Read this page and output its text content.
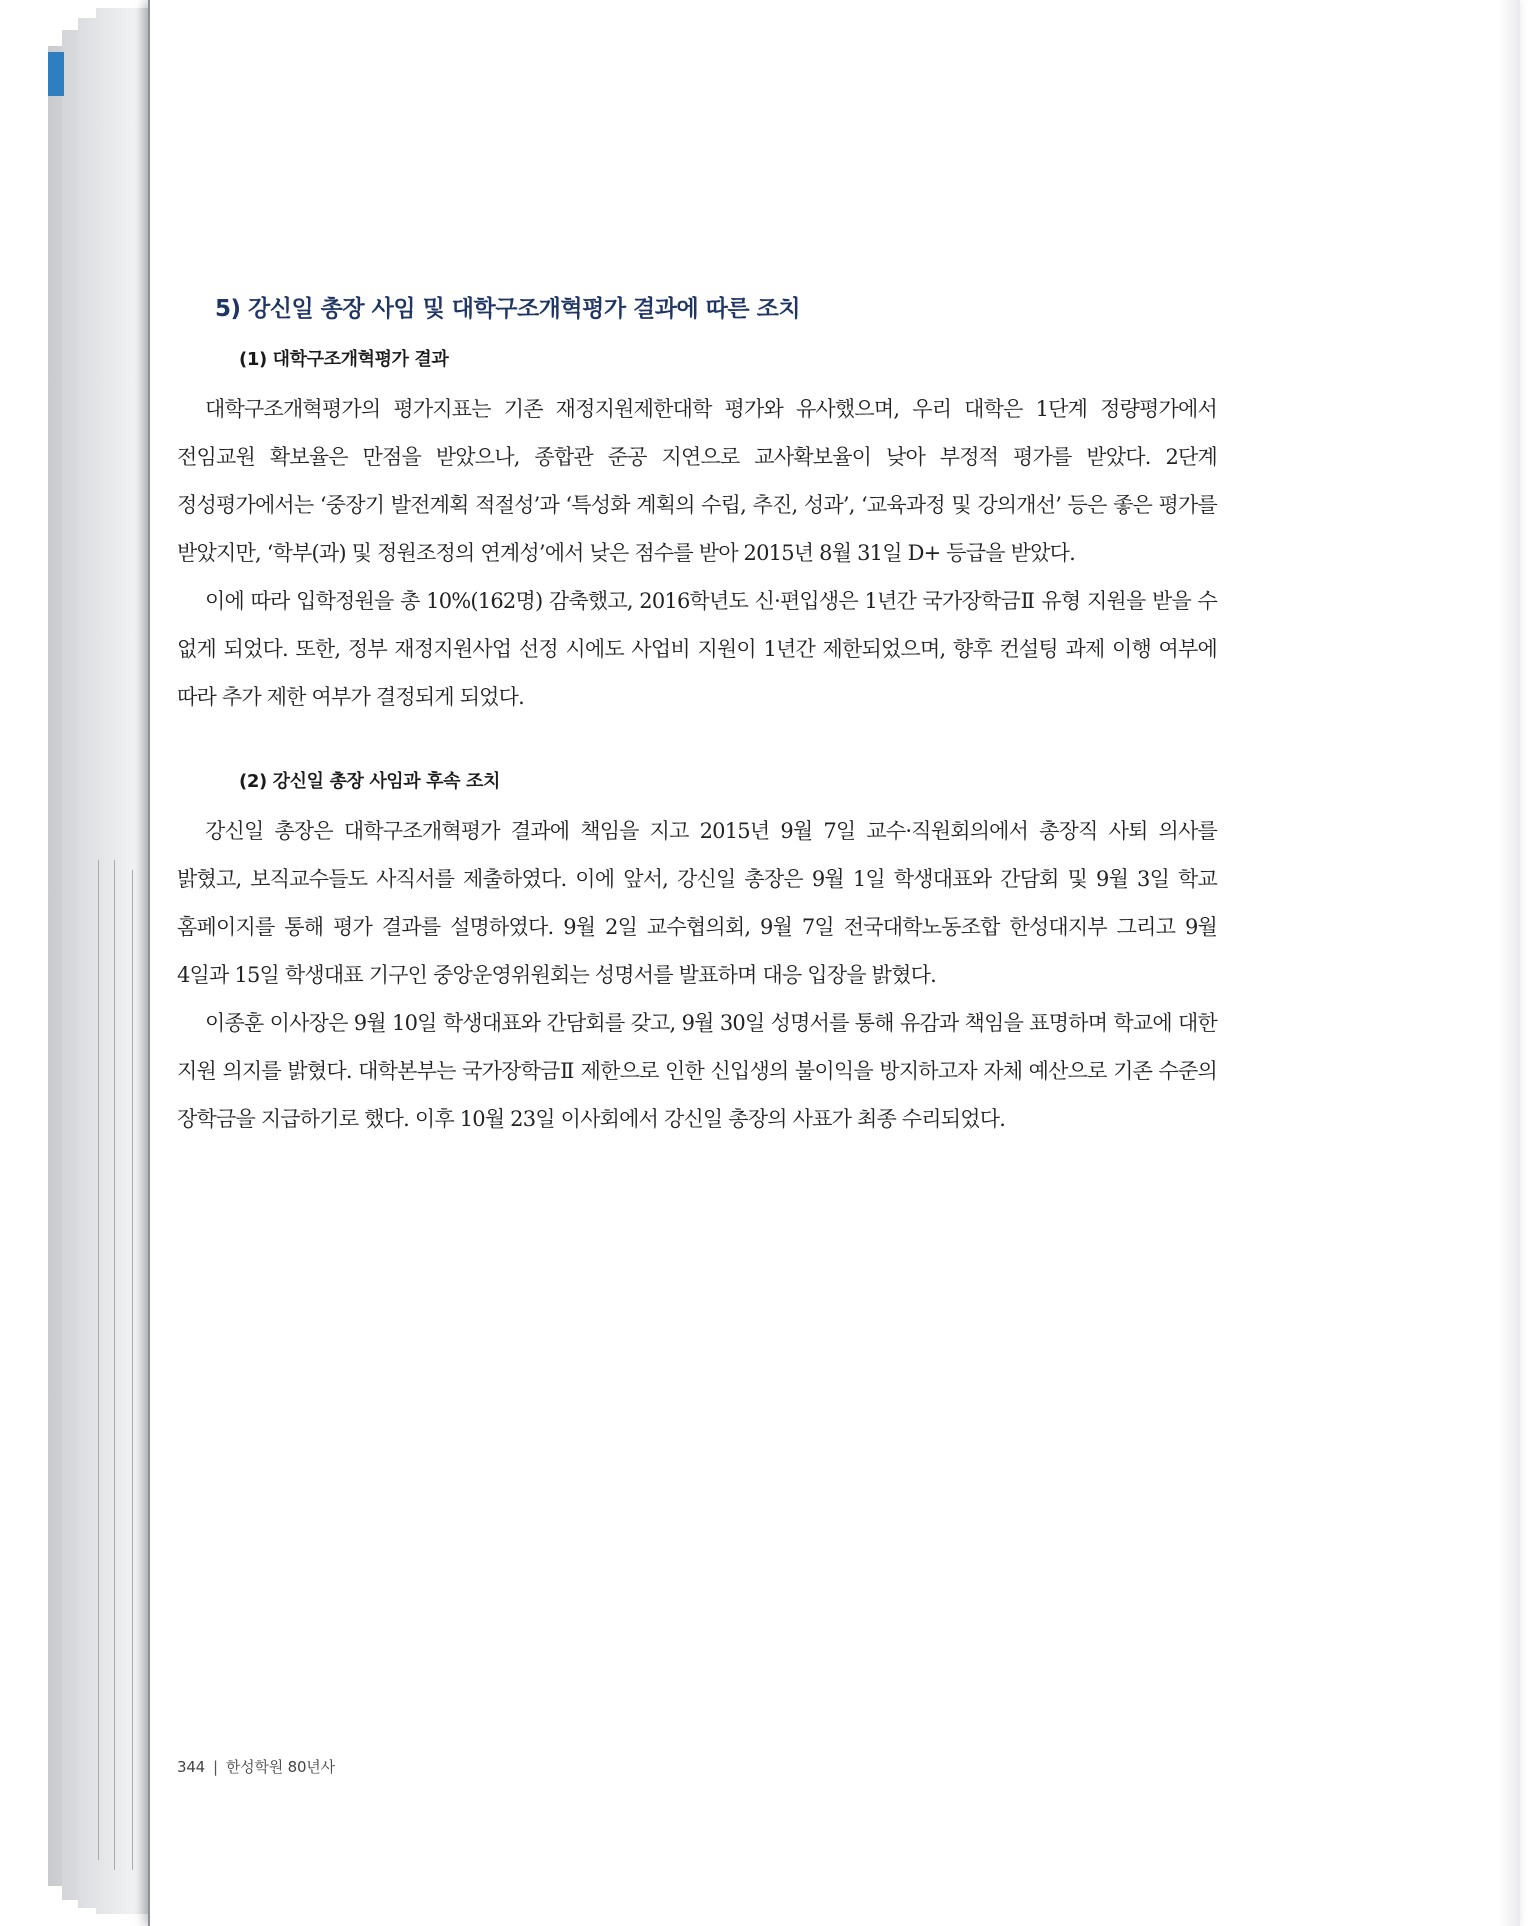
5) 강신일 총장 사임 및 대학구조개혁평가 결과에 따른 조치
(1) 대학구조개혁평가 결과

대학구조개혁평가의 평가지표는 기존 재정지원제한대학 평가와 유사했으며, 우리 대학은 1단계 정량평가에서 전임교원 확보율은 만점을 받았으나, 종합관 준공 지연으로 교사확보율이 낮아 부정적 평가를 받았다. 2단계 정성평가에서는 ‘중장기 발전계획 적절성’과 ‘특성화 계획의 수립, 추진, 성과’, ‘교육과정 및 강의개선’ 등은 좋은 평가를 받았지만, ‘학부(과) 및 정원조정의 연계성’에서 낮은 점수를 받아 2015년 8월 31일 D+ 등급을 받았다.

이에 따라 입학정원을 총 10%(162명) 감축했고, 2016학년도 신·편입생은 1년간 국가장학금Ⅱ 유형 지원을 받을 수 없게 되었다. 또한, 정부 재정지원사업 선정 시에도 사업비 지원이 1년간 제한되었으며, 향후 컨설팅 과제 이행 여부에 따라 추가 제한 여부가 결정되게 되었다.

(2) 강신일 총장 사임과 후속 조치

강신일 총장은 대학구조개혁평가 결과에 책임을 지고 2015년 9월 7일 교수·직원회의에서 총장직 사퇴 의사를 밝혔고, 보직교수들도 사직서를 제출하였다. 이에 앞서, 강신일 총장은 9월 1일 학생대표와 간담회 및 9월 3일 학교 홈페이지를 통해 평가 결과를 설명하였다. 9월 2일 교수협의회, 9월 7일 전국대학노동조합 한성대지부 그리고 9월 4일과 15일 학생대표 기구인 중앙운영위원회는 성명서를 발표하며 대응 입장을 밝혔다.

이종훈 이사장은 9월 10일 학생대표와 간담회를 갖고, 9월 30일 성명서를 통해 유감과 책임을 표명하며 학교에 대한 지원 의지를 밝혔다. 대학본부는 국가장학금Ⅱ 제한으로 인한 신입생의 불이익을 방지하고자 자체 예산으로 기존 수준의 장학금을 지급하기로 했다. 이후 10월 23일 이사회에서 강신일 총장의 사표가 최종 수리되었다.

344 | 한성학원 80년사
